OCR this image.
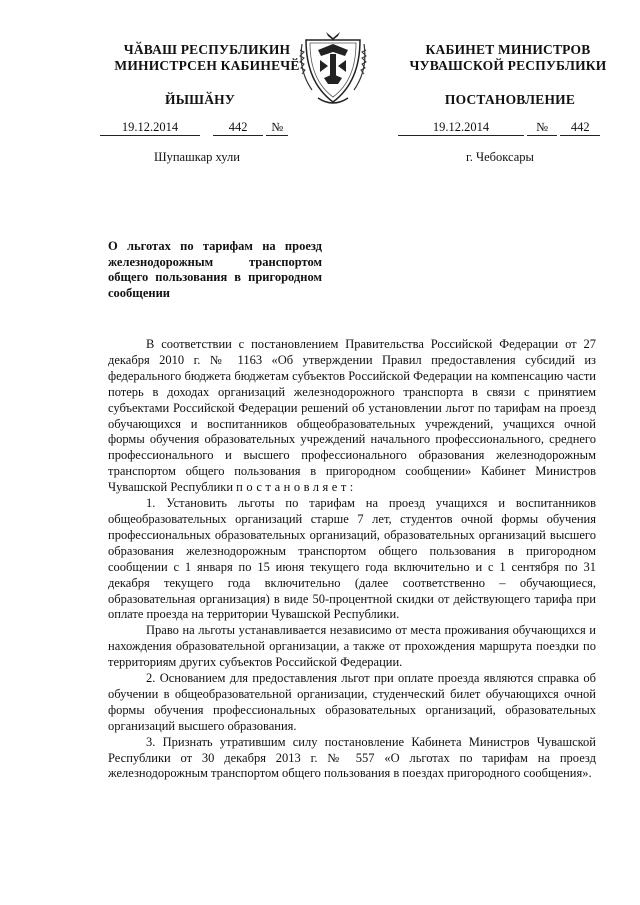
ЧӐВАШ РЕСПУБЛИКИН
МИНИСТРСЕН КАБИНЕЧӖ
ЙЫШӐНУ
КАБИНЕТ МИНИСТРОВ
ЧУВАШСКОЙ РЕСПУБЛИКИ
ПОСТАНОВЛЕНИЕ
19.12.2014	442 №	19.12.2014	№ 442
Шупашкар хули	г. Чебоксары
О льготах по тарифам на проезд железнодорожным транспортом общего пользования в пригородном сообщении

В соответствии с постановлением Правительства Российской Федерации от 27 декабря 2010 г. № 1163 «Об утверждении Правил предоставления субсидий из федерального бюджета бюджетам субъектов Российской Федерации на компенсацию части потерь в доходах организаций железнодорожного транспорта в связи с принятием субъектами Российской Федерации решений об установлении льгот по тарифам на проезд обучающихся и воспитанников общеобразовательных учреждений, учащихся очной формы обучения образовательных учреждений начального профессионального, среднего профессионального и высшего профессионального образования железнодорожным транспортом общего пользования в пригородном сообщении» Кабинет Министров Чувашской Республики постановляет:

1. Установить льготы по тарифам на проезд учащихся и воспитанников общеобразовательных организаций старше 7 лет, студентов очной формы обучения профессиональных образовательных организаций, образовательных организаций высшего образования железнодорожным транспортом общего пользования в пригородном сообщении с 1 января по 15 июня текущего года включительно и с 1 сентября по 31 декабря текущего года включительно (далее соответственно – обучающиеся, образовательная организация) в виде 50-процентной скидки от действующего тарифа при оплате проезда на территории Чувашской Республики.

Право на льготы устанавливается независимо от места проживания обучающихся и нахождения образовательной организации, а также от прохождения маршрута поездки по территориям других субъектов Российской Федерации.

2. Основанием для предоставления льгот при оплате проезда являются справка об обучении в общеобразовательной организации, студенческий билет обучающихся очной формы обучения профессиональных образовательных организаций, образовательных организаций высшего образования.

3. Признать утратившим силу постановление Кабинета Министров Чувашской Республики от 30 декабря 2013 г. № 557 «О льготах по тарифам на проезд железнодорожным транспортом общего пользования в поездах пригородного сообщения».
